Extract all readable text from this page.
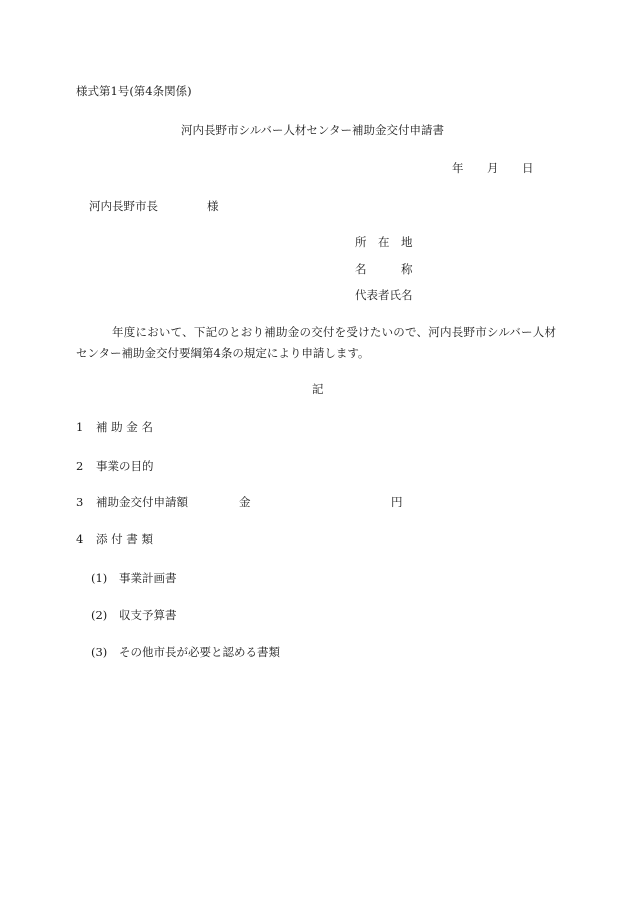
様式第1号(第4条関係)
河内長野市シルバー人材センター補助金交付申請書
年 月 日
河内長野市長	様
所　在　地
名　　　称
代表者氏名
年度において、下記のとおり補助金の交付を受けたいので、河内長野市シルバー人材センター補助金交付要綱第4条の規定により申請します。
記
1 補 助 金 名
2 事業の目的
3 補助金交付申請額	金	円
4 添 付 書 類
(1) 事業計画書
(2) 収支予算書
(3) その他市長が必要と認める書類
